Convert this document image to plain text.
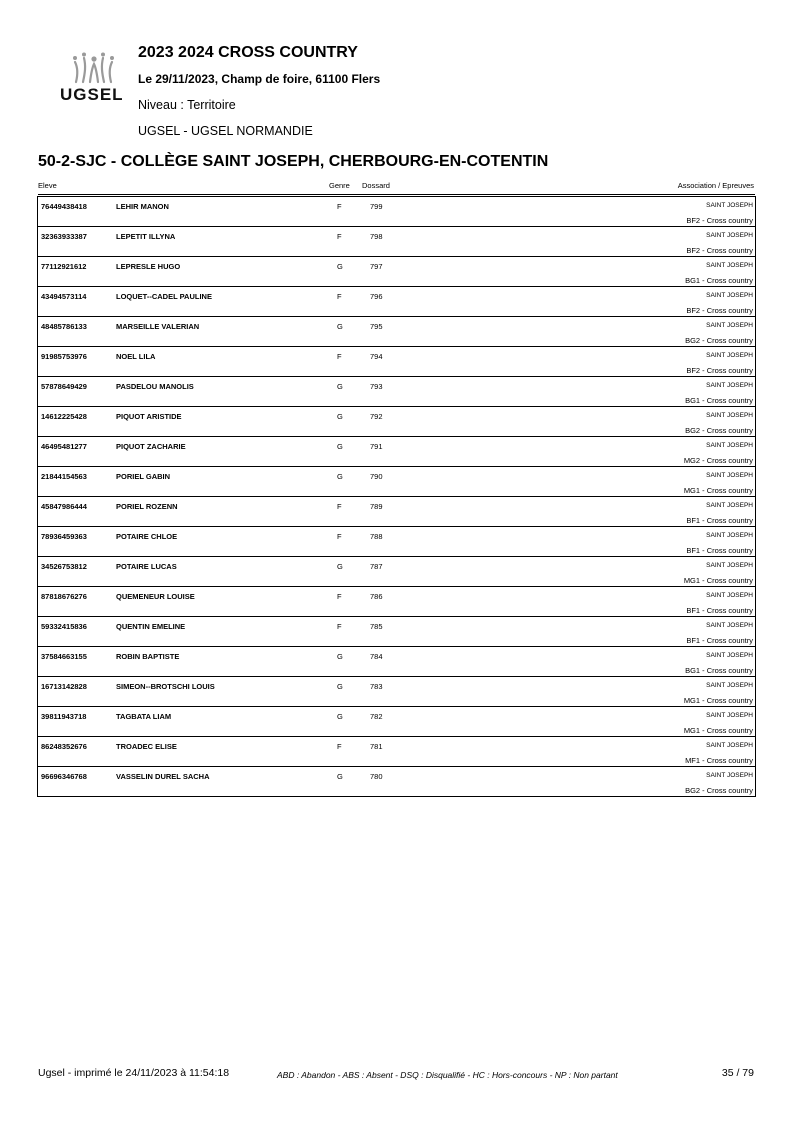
UGSEL
2023 2024 CROSS COUNTRY
Le 29/11/2023, Champ de foire, 61100 Flers
Niveau : Territoire
UGSEL - UGSEL NORMANDIE
50-2-SJC - COLLÈGE SAINT JOSEPH, CHERBOURG-EN-COTENTIN
Eleve	Genre Dossard	Association / Epreuves
76449438418	LEHIR MANON	F	799	SAINT JOSEPH
BF2 - Cross country
32363933387	LEPETIT ILLYNA	F	798	SAINT JOSEPH
BF2 - Cross country
77112921612	LEPRESLE HUGO	G	797	SAINT JOSEPH
BG1 - Cross country
43494573114	LOQUET--CADEL PAULINE	F	796	SAINT JOSEPH
BF2 - Cross country
48485786133	MARSEILLE VALERIAN	G	795	SAINT JOSEPH
BG2 - Cross country
91985753976	NOEL LILA	F	794	SAINT JOSEPH
BF2 - Cross country
57878649429	PASDELOU MANOLIS	G	793	SAINT JOSEPH
BG1 - Cross country
14612225428	PIQUOT ARISTIDE	G	792	SAINT JOSEPH
BG2 - Cross country
46495481277	PIQUOT ZACHARIE	G	791	SAINT JOSEPH
MG2 - Cross country
21844154563	PORIEL GABIN	G	790	SAINT JOSEPH
MG1 - Cross country
45847986444	PORIEL ROZENN	F	789	SAINT JOSEPH
BF1 - Cross country
78936459363	POTAIRE CHLOE	F	788	SAINT JOSEPH
BF1 - Cross country
34526753812	POTAIRE LUCAS	G	787	SAINT JOSEPH
MG1 - Cross country
87818676276	QUEMENEUR LOUISE	F	786	SAINT JOSEPH
BF1 - Cross country
59332415836	QUENTIN EMELINE	F	785	SAINT JOSEPH
BF1 - Cross country
37584663155	ROBIN BAPTISTE	G	784	SAINT JOSEPH
BG1 - Cross country
16713142828	SIMEON--BROTSCHI LOUIS	G	783	SAINT JOSEPH
MG1 - Cross country
39811943718	TAGBATA LIAM	G	782	SAINT JOSEPH
MG1 - Cross country
86248352676	TROADEC ELISE	F	781	SAINT JOSEPH
MF1 - Cross country
96696346768	VASSELIN DUREL SACHA	G	780	SAINT JOSEPH
BG2 - Cross country
Ugsel - imprimé le 24/11/2023 à 11:54:18	ABD : Abandon - ABS : Absent - DSQ : Disqualifié - HC : Hors-concours - NP : Non partant	35 / 79
